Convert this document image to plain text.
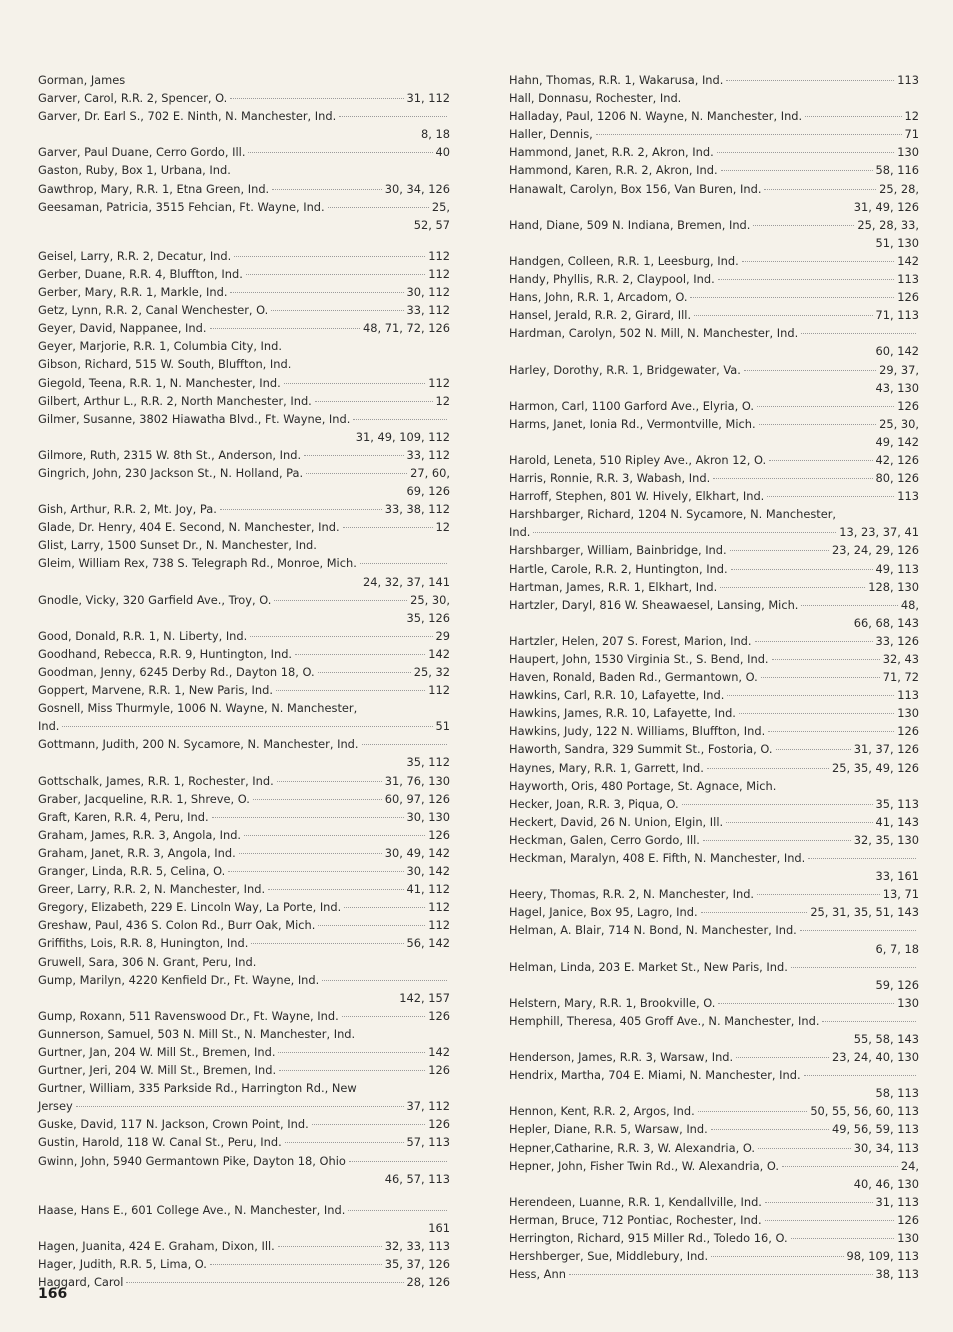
Gorman, James
Garver, Carol, R.R. 2, Spencer, O.	31, 112
Garver, Dr. Earl S., 702 E. Ninth, N. Manchester, Ind.
8, 18
Garver, Paul Duane, Cerro Gordo, Ill.	40
Gaston, Ruby, Box 1, Urbana, Ind.
Gawthrop, Mary, R.R. 1, Etna Green, Ind.	30, 34, 126
Geesaman, Patricia, 3515 Fehcian, Ft. Wayne, Ind.	25,
52, 57
Geisel, Larry, R.R. 2, Decatur, Ind.	112
Gerber, Duane, R.R. 4, Bluffton, Ind.	112
Gerber, Mary, R.R. 1, Markle, Ind.	30, 112
Getz, Lynn, R.R. 2, Canal Wenchester, O.	33, 112
Geyer, David, Nappanee, Ind.	48, 71, 72, 126
Geyer, Marjorie, R.R. 1, Columbia City, Ind.
Gibson, Richard, 515 W. South, Bluffton, Ind.
Giegold, Teena, R.R. 1, N. Manchester, Ind.	112
Gilbert, Arthur L., R.R. 2, North Manchester, Ind.	12
Gilmer, Susanne, 3802 Hiawatha Blvd., Ft. Wayne, Ind.
31, 49, 109, 112
Gilmore, Ruth, 2315 W. 8th St., Anderson, Ind.	33, 112
Gingrich, John, 230 Jackson St., N. Holland, Pa.	27, 60,
69, 126
Gish, Arthur, R.R. 2, Mt. Joy, Pa.	33, 38, 112
Glade, Dr. Henry, 404 E. Second, N. Manchester, Ind.	12
Glist, Larry, 1500 Sunset Dr., N. Manchester, Ind.
Gleim, William Rex, 738 S. Telegraph Rd., Monroe, Mich.
24, 32, 37, 141
Gnodle, Vicky, 320 Garfield Ave., Troy, O.	25, 30,
35, 126
Good, Donald, R.R. 1, N. Liberty, Ind.	29
Goodhand, Rebecca, R.R. 9, Huntington, Ind.	142
Goodman, Jenny, 6245 Derby Rd., Dayton 18, O.	25, 32
Goppert, Marvene, R.R. 1, New Paris, Ind.	112
Gosnell, Miss Thurmyle, 1006 N. Wayne, N. Manchester,
Ind.	51
Gottmann, Judith, 200 N. Sycamore, N. Manchester, Ind.
35, 112
Gottschalk, James, R.R. 1, Rochester, Ind.	31, 76, 130
Graber, Jacqueline, R.R. 1, Shreve, O.	60, 97, 126
Graft, Karen, R.R. 4, Peru, Ind.	30, 130
Graham, James, R.R. 3, Angola, Ind.	126
Graham, Janet, R.R. 3, Angola, Ind.	30, 49, 142
Granger, Linda, R.R. 5, Celina, O.	30, 142
Greer, Larry, R.R. 2, N. Manchester, Ind.	41, 112
Gregory, Elizabeth, 229 E. Lincoln Way, La Porte, Ind.	112
Greshaw, Paul, 436 S. Colon Rd., Burr Oak, Mich.	112
Griffiths, Lois, R.R. 8, Hunington, Ind.	56, 142
Gruwell, Sara, 306 N. Grant, Peru, Ind.
Gump, Marilyn, 4220 Kenfield Dr., Ft. Wayne, Ind.
142, 157
Gump, Roxann, 511 Ravenswood Dr., Ft. Wayne, Ind.	126
Gunnerson, Samuel, 503 N. Mill St., N. Manchester, Ind.
Gurtner, Jan, 204 W. Mill St., Bremen, Ind.	142
Gurtner, Jeri, 204 W. Mill St., Bremen, Ind.	126
Gurtner, William, 335 Parkside Rd., Harrington Rd., New
Jersey	37, 112
Guske, David, 117 N. Jackson, Crown Point, Ind.	126
Gustin, Harold, 118 W. Canal St., Peru, Ind.	57, 113
Gwinn, John, 5940 Germantown Pike, Dayton 18, Ohio
46, 57, 113
Haase, Hans E., 601 College Ave., N. Manchester, Ind.
161
Hagen, Juanita, 424 E. Graham, Dixon, Ill.	32, 33, 113
Hager, Judith, R.R. 5, Lima, O.	35, 37, 126
Haggard, Carol	28, 126
Hahn, Thomas, R.R. 1, Wakarusa, Ind.	113
Hall, Donnasu, Rochester, Ind.
Halladay, Paul, 1206 N. Wayne, N. Manchester, Ind.	12
Haller, Dennis,	71
Hammond, Janet, R.R. 2, Akron, Ind.	130
Hammond, Karen, R.R. 2, Akron, Ind.	58, 116
Hanawalt, Carolyn, Box 156, Van Buren, Ind.	25, 28,
31, 49, 126
Hand, Diane, 509 N. Indiana, Bremen, Ind.	25, 28, 33,
51, 130
Handgen, Colleen, R.R. 1, Leesburg, Ind.	142
Handy, Phyllis, R.R. 2, Claypool, Ind.	113
Hans, John, R.R. 1, Arcadom, O.	126
Hansel, Jerald, R.R. 2, Girard, Ill.	71, 113
Hardman, Carolyn, 502 N. Mill, N. Manchester, Ind.
60, 142
Harley, Dorothy, R.R. 1, Bridgewater, Va.	29, 37,
43, 130
Harmon, Carl, 1100 Garford Ave., Elyria, O.	126
Harms, Janet, Ionia Rd., Vermontville, Mich.	25, 30,
49, 142
Harold, Leneta, 510 Ripley Ave., Akron 12, O.	42, 126
Harris, Ronnie, R.R. 3, Wabash, Ind.	80, 126
Harroff, Stephen, 801 W. Hively, Elkhart, Ind.	113
Harshbarger, Richard, 1204 N. Sycamore, N. Manchester,
Ind.	13, 23, 37, 41
Harshbarger, William, Bainbridge, Ind.	23, 24, 29, 126
Hartle, Carole, R.R. 2, Huntington, Ind.	49, 113
Hartman, James, R.R. 1, Elkhart, Ind.	128, 130
Hartzler, Daryl, 816 W. Sheawaesel, Lansing, Mich.	48,
66, 68, 143
Hartzler, Helen, 207 S. Forest, Marion, Ind.	33, 126
Haupert, John, 1530 Virginia St., S. Bend, Ind.	32, 43
Haven, Ronald, Baden Rd., Germantown, O.	71, 72
Hawkins, Carl, R.R. 10, Lafayette, Ind.	113
Hawkins, James, R.R. 10, Lafayette, Ind.	130
Hawkins, Judy, 122 N. Williams, Bluffton, Ind.	126
Haworth, Sandra, 329 Summit St., Fostoria, O.	31, 37, 126
Haynes, Mary, R.R. 1, Garrett, Ind.	25, 35, 49, 126
Hayworth, Oris, 480 Portage, St. Agnace, Mich.
Hecker, Joan, R.R. 3, Piqua, O.	35, 113
Heckert, David, 26 N. Union, Elgin, Ill.	41, 143
Heckman, Galen, Cerro Gordo, Ill.	32, 35, 130
Heckman, Maralyn, 408 E. Fifth, N. Manchester, Ind.
33, 161
Heery, Thomas, R.R. 2, N. Manchester, Ind.	13, 71
Hagel, Janice, Box 95, Lagro, Ind.	25, 31, 35, 51, 143
Helman, A. Blair, 714 N. Bond, N. Manchester, Ind.
6, 7, 18
Helman, Linda, 203 E. Market St., New Paris, Ind.
59, 126
Helstern, Mary, R.R. 1, Brookville, O.	130
Hemphill, Theresa, 405 Groff Ave., N. Manchester, Ind.
55, 58, 143
Henderson, James, R.R. 3, Warsaw, Ind.	23, 24, 40, 130
Hendrix, Martha, 704 E. Miami, N. Manchester, Ind.
58, 113
Hennon, Kent, R.R. 2, Argos, Ind.	50, 55, 56, 60, 113
Hepler, Diane, R.R. 5, Warsaw, Ind.	49, 56, 59, 113
Hepner,Catharine, R.R. 3, W. Alexandria, O.	30, 34, 113
Hepner, John, Fisher Twin Rd., W. Alexandria, O.	24,
40, 46, 130
Herendeen, Luanne, R.R. 1, Kendallville, Ind.	31, 113
Herman, Bruce, 712 Pontiac, Rochester, Ind.	126
Herrington, Richard, 915 Miller Rd., Toledo 16, O.	130
Hershberger, Sue, Middlebury, Ind.	98, 109, 113
Hess, Ann	38, 113
166
